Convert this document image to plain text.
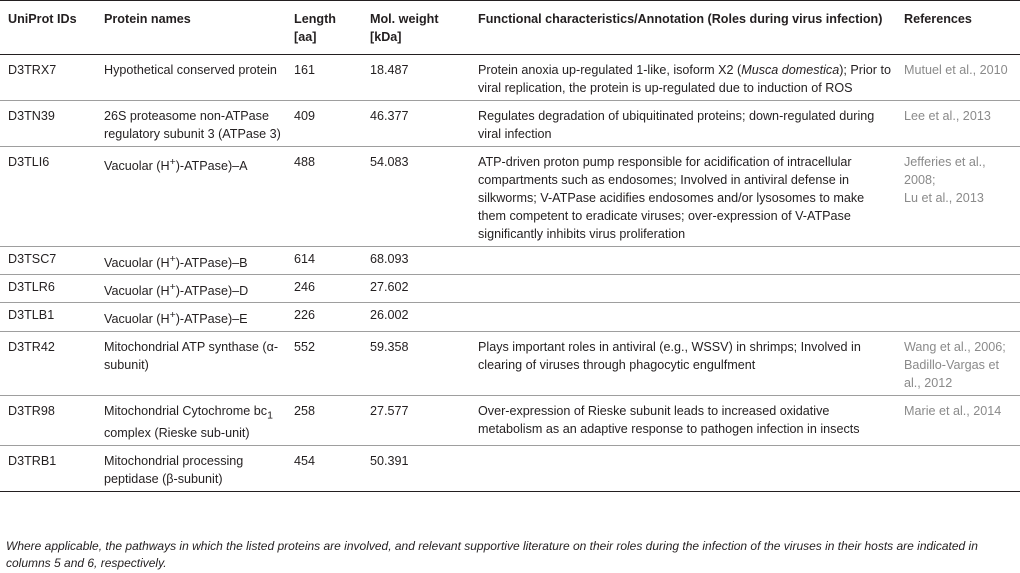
UniProt IDs	Protein names	Length [aa]	Mol. weight [kDa]	Functional characteristics/Annotation (Roles during virus infection)	References
D3TRX7	Hypothetical conserved protein	161	18.487	Protein anoxia up-regulated 1-like, isoform X2 (Musca domestica); Prior to viral replication, the protein is up-regulated due to induction of ROS	Mutuel et al., 2010
D3TN39	26S proteasome non-ATPase regulatory subunit 3 (ATPase 3)	409	46.377	Regulates degradation of ubiquitinated proteins; down-regulated during viral infection	Lee et al., 2013
D3TLI6	Vacuolar (H+)-ATPase)–A	488	54.083	ATP-driven proton pump responsible for acidification of intracellular compartments such as endosomes; Involved in antiviral defense in silkworms; V-ATPase acidifies endosomes and/or lysosomes to make them competent to eradicate viruses; over-expression of V-ATPase significantly inhibits virus proliferation	Jefferies et al., 2008;
Lu et al., 2013
D3TSC7	Vacuolar (H+)-ATPase)–B	614	68.093		
D3TLR6	Vacuolar (H+)-ATPase)–D	246	27.602		
D3TLB1	Vacuolar (H+)-ATPase)–E	226	26.002		
D3TR42	Mitochondrial ATP synthase (α-subunit)	552	59.358	Plays important roles in antiviral (e.g., WSSV) in shrimps; Involved in clearing of viruses through phagocytic engulfment	Wang et al., 2006;
Badillo-Vargas et al., 2012
D3TR98	Mitochondrial Cytochrome $bc_1$ complex (Rieske sub-unit)	258	27.577	Over-expression of Rieske subunit leads to increased oxidative metabolism as an adaptive response to pathogen infection in insects	Marie et al., 2014
D3TRB1	Mitochondrial processing peptidase (β-subunit)	454	50.391		
Where applicable, the pathways in which the listed proteins are involved, and relevant supportive literature on their roles during the infection of the viruses in their hosts are indicated in columns 5 and 6, respectively.
